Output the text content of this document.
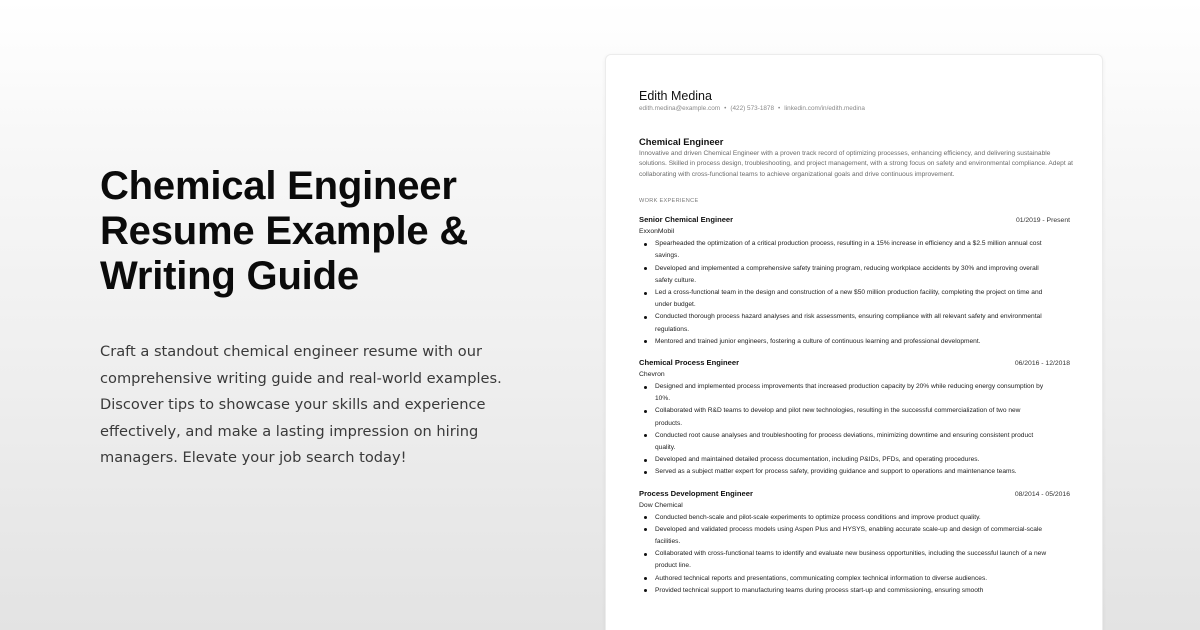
Chemical Engineer Resume Example & Writing Guide

Craft a standout chemical engineer resume with our comprehensive writing guide and real-world examples. Discover tips to showcase your skills and experience effectively, and make a lasting impression on hiring managers. Elevate your job search today!

Edith Medina
edith.medina@example.com • (422) 573-1878 • linkedin.com/in/edith.medina
Chemical Engineer

Innovative and driven Chemical Engineer with a proven track record of optimizing processes, enhancing efficiency, and delivering sustainable solutions. Skilled in process design, troubleshooting, and project management, with a strong focus on safety and environmental compliance. Adept at collaborating with cross-functional teams to achieve organizational goals and drive continuous improvement.

WORK EXPERIENCE
Senior Chemical Engineer	01/2019 - Present
ExxonMobil
Spearheaded the optimization of a critical production process, resulting in a 15% increase in efficiency and a $2.5 million annual cost savings.
Developed and implemented a comprehensive safety training program, reducing workplace accidents by 30% and improving overall safety culture.
Led a cross-functional team in the design and construction of a new $50 million production facility, completing the project on time and under budget.
Conducted thorough process hazard analyses and risk assessments, ensuring compliance with all relevant safety and environmental regulations.
Mentored and trained junior engineers, fostering a culture of continuous learning and professional development.
Chemical Process Engineer	06/2016 - 12/2018
Chevron
Designed and implemented process improvements that increased production capacity by 20% while reducing energy consumption by 10%.
Collaborated with R&D teams to develop and pilot new technologies, resulting in the successful commercialization of two new products.
Conducted root cause analyses and troubleshooting for process deviations, minimizing downtime and ensuring consistent product quality.
Developed and maintained detailed process documentation, including P&IDs, PFDs, and operating procedures.
Served as a subject matter expert for process safety, providing guidance and support to operations and maintenance teams.
Process Development Engineer	08/2014 - 05/2016
Dow Chemical
Conducted bench-scale and pilot-scale experiments to optimize process conditions and improve product quality.
Developed and validated process models using Aspen Plus and HYSYS, enabling accurate scale-up and design of commercial-scale facilities.
Collaborated with cross-functional teams to identify and evaluate new business opportunities, including the successful launch of a new product line.
Authored technical reports and presentations, communicating complex technical information to diverse audiences.
Provided technical support to manufacturing teams during process start-up and commissioning, ensuring smooth
